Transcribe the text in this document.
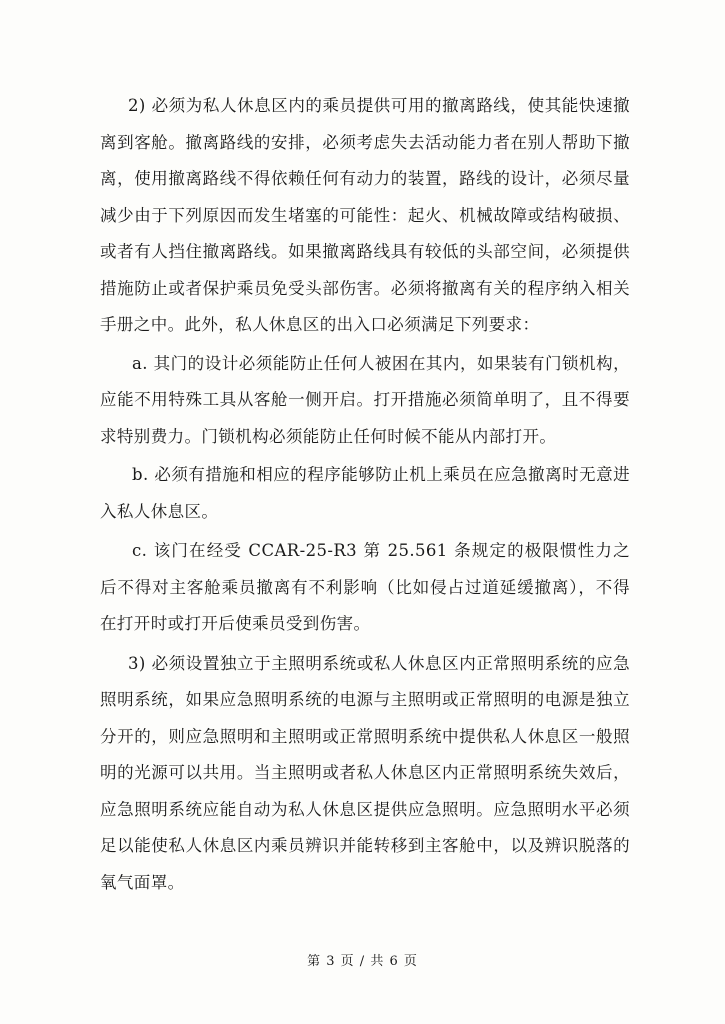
2) 必须为私人休息区内的乘员提供可用的撤离路线，使其能快速撤离到客舱。撤离路线的安排，必须考虑失去活动能力者在别人帮助下撤离，使用撤离路线不得依赖任何有动力的装置，路线的设计，必须尽量减少由于下列原因而发生堵塞的可能性：起火、机械故障或结构破损、或者有人挡住撤离路线。如果撤离路线具有较低的头部空间，必须提供措施防止或者保护乘员免受头部伤害。必须将撤离有关的程序纳入相关手册之中。此外，私人休息区的出入口必须满足下列要求：

a. 其门的设计必须能防止任何人被困在其内，如果装有门锁机构，应能不用特殊工具从客舱一侧开启。打开措施必须简单明了，且不得要求特别费力。门锁机构必须能防止任何时候不能从内部打开。

b. 必须有措施和相应的程序能够防止机上乘员在应急撤离时无意进入私人休息区。

c. 该门在经受 CCAR-25-R3 第 25.561 条规定的极限惯性力之后不得对主客舱乘员撤离有不利影响（比如侵占过道延缓撤离），不得在打开时或打开后使乘员受到伤害。

3) 必须设置独立于主照明系统或私人休息区内正常照明系统的应急照明系统，如果应急照明系统的电源与主照明或正常照明的电源是独立分开的，则应急照明和主照明或正常照明系统中提供私人休息区一般照明的光源可以共用。当主照明或者私人休息区内正常照明系统失效后，应急照明系统应能自动为私人休息区提供应急照明。应急照明水平必须足以能使私人休息区内乘员辨识并能转移到主客舱中，以及辨识脱落的氧气面罩。

第 3 页 / 共 6 页
